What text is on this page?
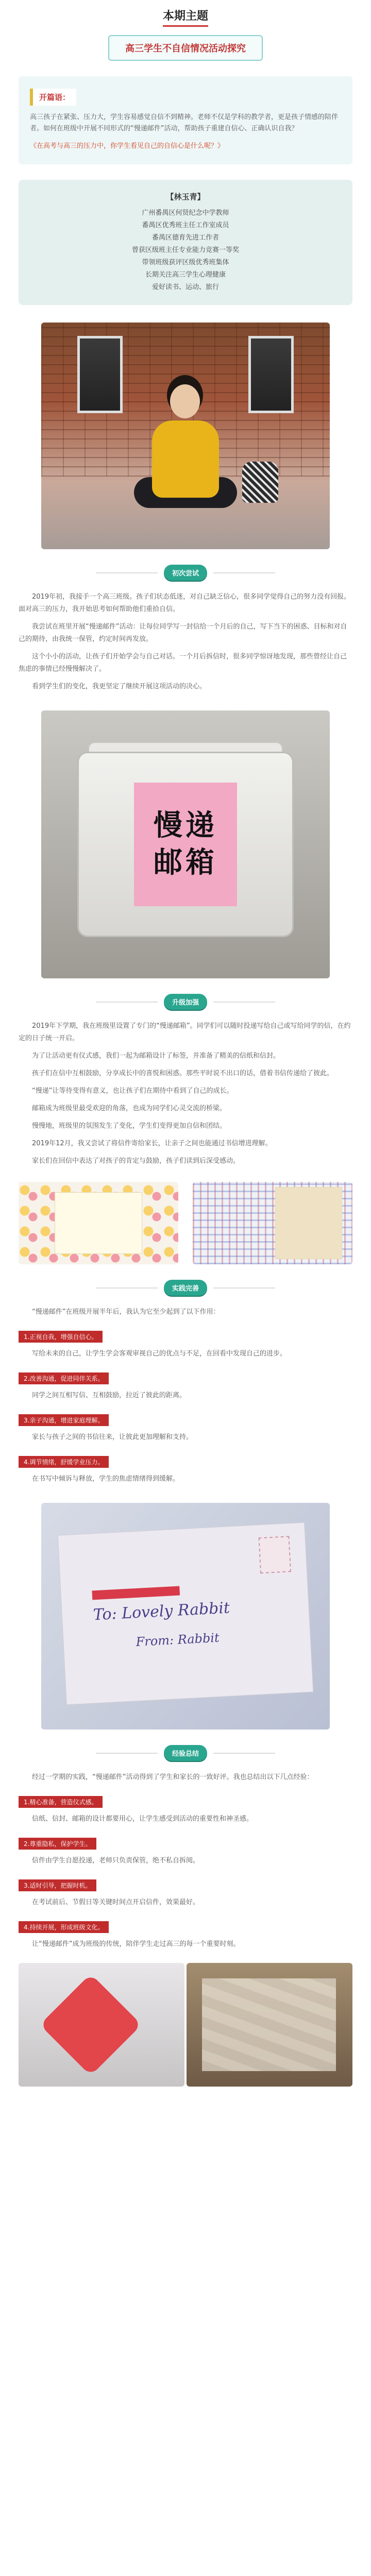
本期主题
高三学生不自信情况活动探究
开篇语：

高三孩子在紧张、压力大，学生容易感觉自信不到精神。老师不仅是学科的教学者，更是孩子情感的陪伴者。如何在班级中开展不同形式的“慢递邮件”活动，帮助孩子重建自信心、正确认识自我？

《在高考与高三的压力中，你学生看见自己的自信心是什么呢？》

【林玉青】

广州番禺区何贤纪念中学教师

番禺区优秀班主任工作室成员

番禺区德育先进工作者

曾获区级班主任专业能力竞赛一等奖

带领班级获评区级优秀班集体

长期关注高三学生心理健康

爱好读书、运动、旅行

初次尝试

2019年初，我接手一个高三班级。孩子们状态低迷，对自己缺乏信心，很多同学觉得自己的努力没有回报。面对高三的压力，我开始思考如何帮助他们重拾自信。

我尝试在班里开展“慢递邮件”活动：让每位同学写一封信给一个月后的自己，写下当下的困惑、目标和对自己的期待，由我统一保管，约定时间再发放。

这个小小的活动，让孩子们开始学会与自己对话。一个月后拆信时，很多同学惊讶地发现，那些曾经让自己焦虑的事情已经慢慢解决了。

看到学生们的变化，我更坚定了继续开展这项活动的决心。

慢递
邮箱
升级加强

2019年下学期，我在班级里设置了专门的“慢递邮箱”。同学们可以随时投递写给自己或写给同学的信，在约定的日子统一开启。

为了让活动更有仪式感，我们一起为邮箱设计了标签，并准备了精美的信纸和信封。

孩子们在信中互相鼓励，分享成长中的喜悦和困惑。那些平时说不出口的话，借着书信传递给了彼此。

“慢递”让等待变得有意义，也让孩子们在期待中看到了自己的成长。

邮箱成为班级里最受欢迎的角落，也成为同学们心灵交流的桥梁。

慢慢地，班级里的氛围发生了变化，学生们变得更加自信和团结。

2019年12月，我又尝试了将信件寄给家长，让亲子之间也能通过书信增进理解。

家长们在回信中表达了对孩子的肯定与鼓励，孩子们读到后深受感动。

实践完善

“慢递邮件”在班级开展半年后，我认为它至少起到了以下作用：

1.正视自我，增强自信心。

写给未来的自己，让学生学会客观审视自己的优点与不足，在回看中发现自己的进步。

2.改善沟通，促进同伴关系。

同学之间互相写信、互相鼓励，拉近了彼此的距离。

3.亲子沟通，增进家庭理解。

家长与孩子之间的书信往来，让彼此更加理解和支持。

4.调节情绪，舒缓学业压力。

在书写中倾诉与释放，学生的焦虑情绪得到缓解。

To: Lovely Rabbit
From: Rabbit
经验总结

经过一学期的实践，“慢递邮件”活动得到了学生和家长的一致好评。我也总结出以下几点经验：

1.精心准备，营造仪式感。

信纸、信封、邮箱的设计都要用心，让学生感受到活动的重要性和神圣感。

2.尊重隐私，保护学生。

信件由学生自愿投递，老师只负责保管，绝不私自拆阅。

3.适时引导，把握时机。

在考试前后、节假日等关键时间点开启信件，效果最好。

4.持续开展，形成班级文化。

让“慢递邮件”成为班级的传统，陪伴学生走过高三的每一个重要时刻。
